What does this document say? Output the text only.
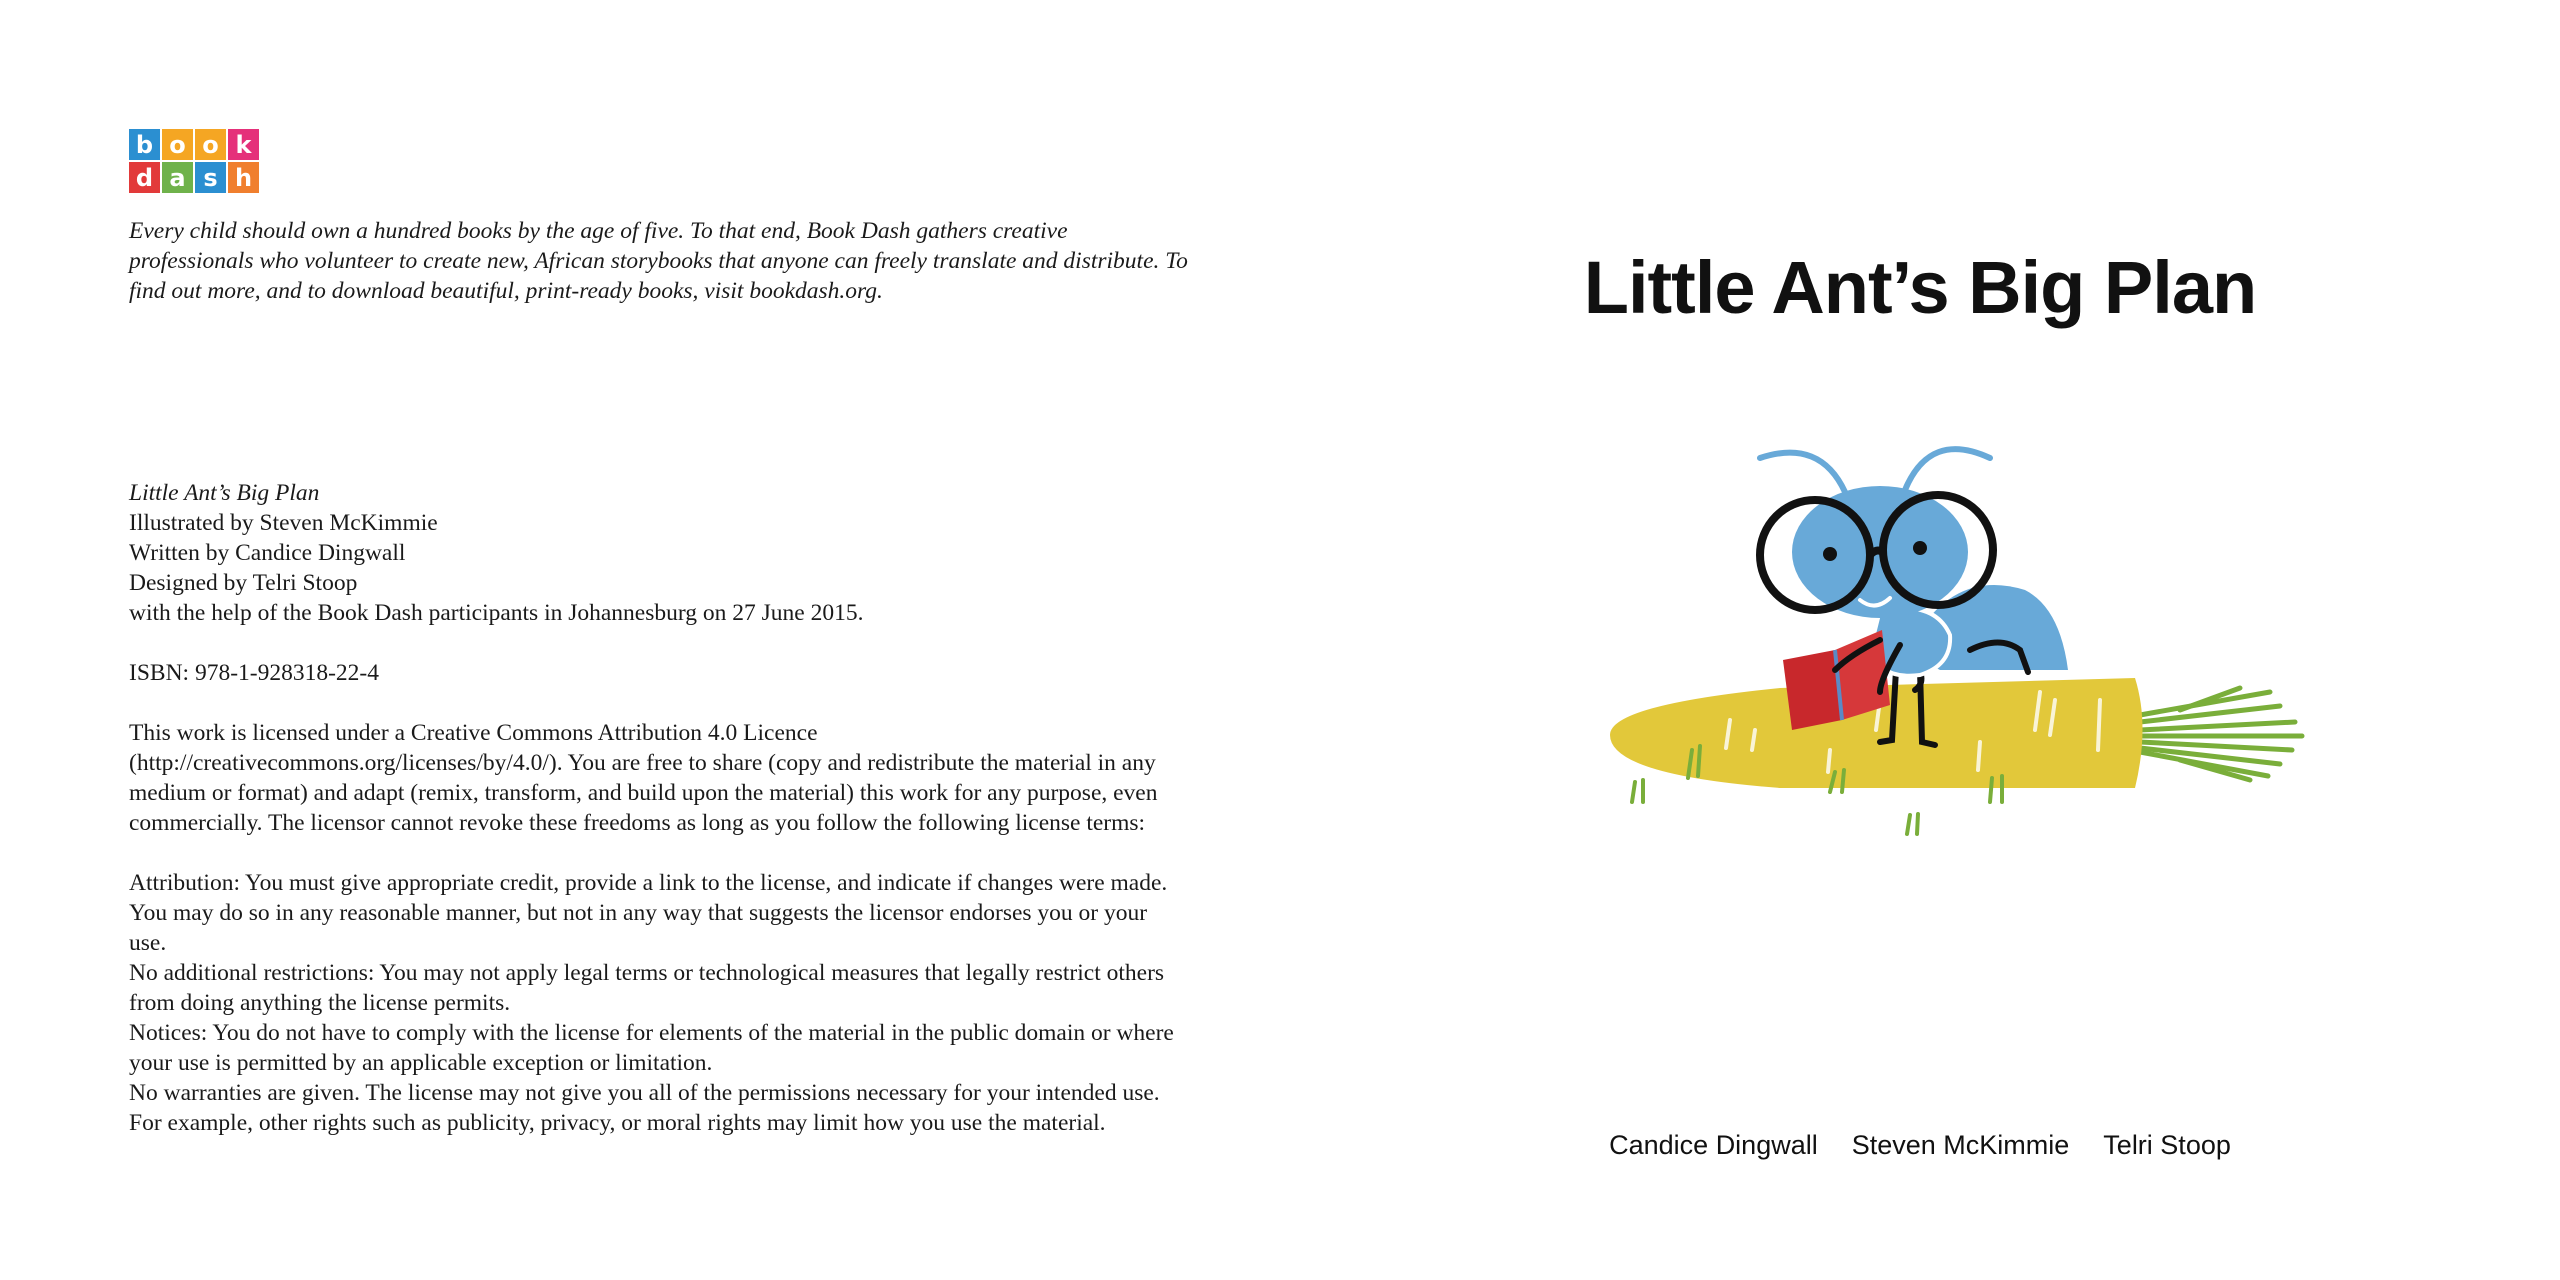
b o o k
d a s h

Every child should own a hundred books by the age of five. To that end, Book Dash gathers creative professionals who volunteer to create new, African storybooks that anyone can freely translate and distribute. To find out more, and to download beautiful, print-ready books, visit bookdash.org.

Little Ant’s Big Plan

Illustrated by Steven McKimmie

Written by Candice Dingwall

Designed by Telri Stoop

with the help of the Book Dash participants in Johannesburg on 27 June 2015.

ISBN: 978-1-928318-22-4

This work is licensed under a Creative Commons Attribution 4.0 Licence (http://creativecommons.org/licenses/by/4.0/). You are free to share (copy and redistribute the material in any medium or format) and adapt (remix, transform, and build upon the material) this work for any purpose, even commercially. The licensor cannot revoke these freedoms as long as you follow the following license terms:

Attribution: You must give appropriate credit, provide a link to the license, and indicate if changes were made. You may do so in any reasonable manner, but not in any way that suggests the licensor endorses you or your use.

No additional restrictions: You may not apply legal terms or technological measures that legally restrict others from doing anything the license permits.

Notices: You do not have to comply with the license for elements of the material in the public domain or where your use is permitted by an applicable exception or limitation.

No warranties are given. The license may not give you all of the permissions necessary for your intended use. For example, other rights such as publicity, privacy, or moral rights may limit how you use the material.

Little Ant’s Big Plan
Candice Dingwall Steven McKimmie Telri Stoop
